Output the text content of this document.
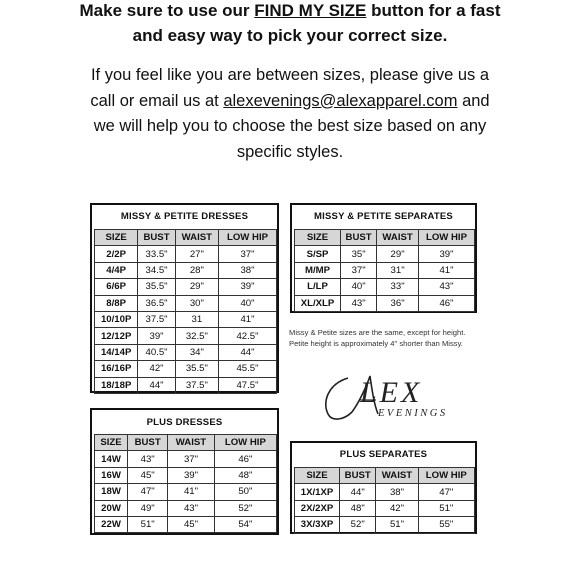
Make sure to use our FIND MY SIZE button for a fast
and easy way to pick your correct size.
If you feel like you are between sizes, please give us a
call or email us at alexevenings@alexapparel.com and
we will help you to choose the best size based on any
specific styles.
MISSY & PETITE DRESSES
SIZE	BUST	WAIST	LOW HIP
2/2P	33.5"	27"	37"
4/4P	34.5"	28"	38"
6/6P	35.5"	29"	39"
8/8P	36.5"	30"	40"
10/10P	37.5"	31	41"
12/12P	39"	32.5"	42.5"
14/14P	40.5"	34"	44"
16/16P	42"	35.5"	45.5"
18/18P	44"	37.5"	47.5"
MISSY & PETITE SEPARATES
SIZE	BUST	WAIST	LOW HIP
S/SP	35"	29"	39"
M/MP	37"	31"	41"
L/LP	40"	33"	43"
XL/XLP	43"	36"	46"
Missy & Petite sizes are the same, except for height.
Petite height is approximately 4" shorter than Missy.
LEX
EVENINGS
PLUS DRESSES
SIZE	BUST	WAIST	LOW HIP
14W	43"	37"	46"
16W	45"	39"	48"
18W	47"	41"	50"
20W	49"	43"	52"
22W	51"	45"	54"
PLUS SEPARATES
SIZE	BUST	WAIST	LOW HIP
1X/1XP	44"	38"	47"
2X/2XP	48"	42"	51"
3X/3XP	52"	51"	55"
